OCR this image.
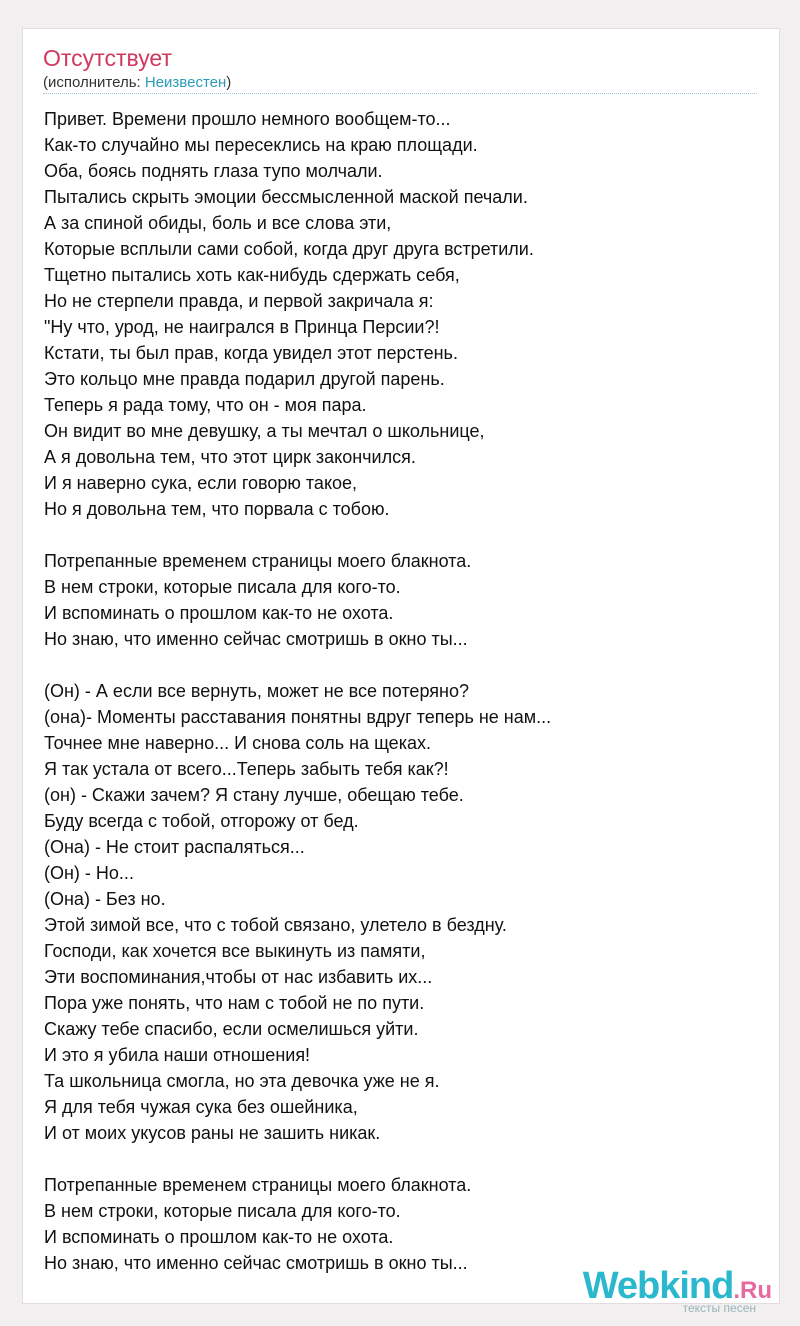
Отсутствует
(исполнитель: Неизвестен)
Привет. Времени прошло немного вообщем-то...
Как-то случайно мы пересеклись на краю площади.
Оба, боясь поднять глаза тупо молчали.
Пытались скрыть эмоции бессмысленной маской печали.
А за спиной обиды, боль и все слова эти,
Которые всплыли сами собой, когда друг друга встретили.
Тщетно пытались хоть как-нибудь сдержать себя,
Но не стерпели правда, и первой закричала я:
"Ну что, урод, не наигрался в Принца Персии?!
Кстати, ты был прав, когда увидел этот перстень.
Это кольцо мне правда подарил другой парень.
Теперь я рада тому, что он - моя пара.
Он видит во мне девушку, а ты мечтал о школьнице,
А я довольна тем, что этот цирк закончился.
И я наверно сука, если говорю такое,
Но я довольна тем, что порвала с тобою.
Потрепанные временем страницы моего блакнота.
В нем строки, которые писала для кого-то.
И вспоминать о прошлом как-то не охота.
Но знаю, что именно сейчас смотришь в окно ты...
(Он) - А если все вернуть, может не все потеряно?
(она)- Моменты расставания понятны вдруг теперь не нам...
Точнее мне наверно... И снова соль на щеках.
Я так устала от всего...Теперь забыть тебя как?!
(он) - Скажи зачем? Я стану лучше, обещаю тебе.
Буду всегда с тобой, отгорожу от бед.
(Она) - Не стоит распаляться...
(Он) - Но...
(Она) - Без но.
Этой зимой все, что с тобой связано, улетело в бездну.
Господи, как хочется все выкинуть из памяти,
Эти воспоминания,чтобы от нас избавить их...
Пора уже понять, что нам с тобой не по пути.
Скажу тебе спасибо, если осмелишься уйти.
И это я убила наши отношения!
Та школьница смогла, но эта девочка уже не я.
Я для тебя чужая сука без ошейника,
И от моих укусов раны не зашить никак.
Потрепанные временем страницы моего блакнота.
В нем строки, которые писала для кого-то.
И вспоминать о прошлом как-то не охота.
Но знаю, что именно сейчас смотришь в окно ты...
Webkind.Ru
тексты песен
